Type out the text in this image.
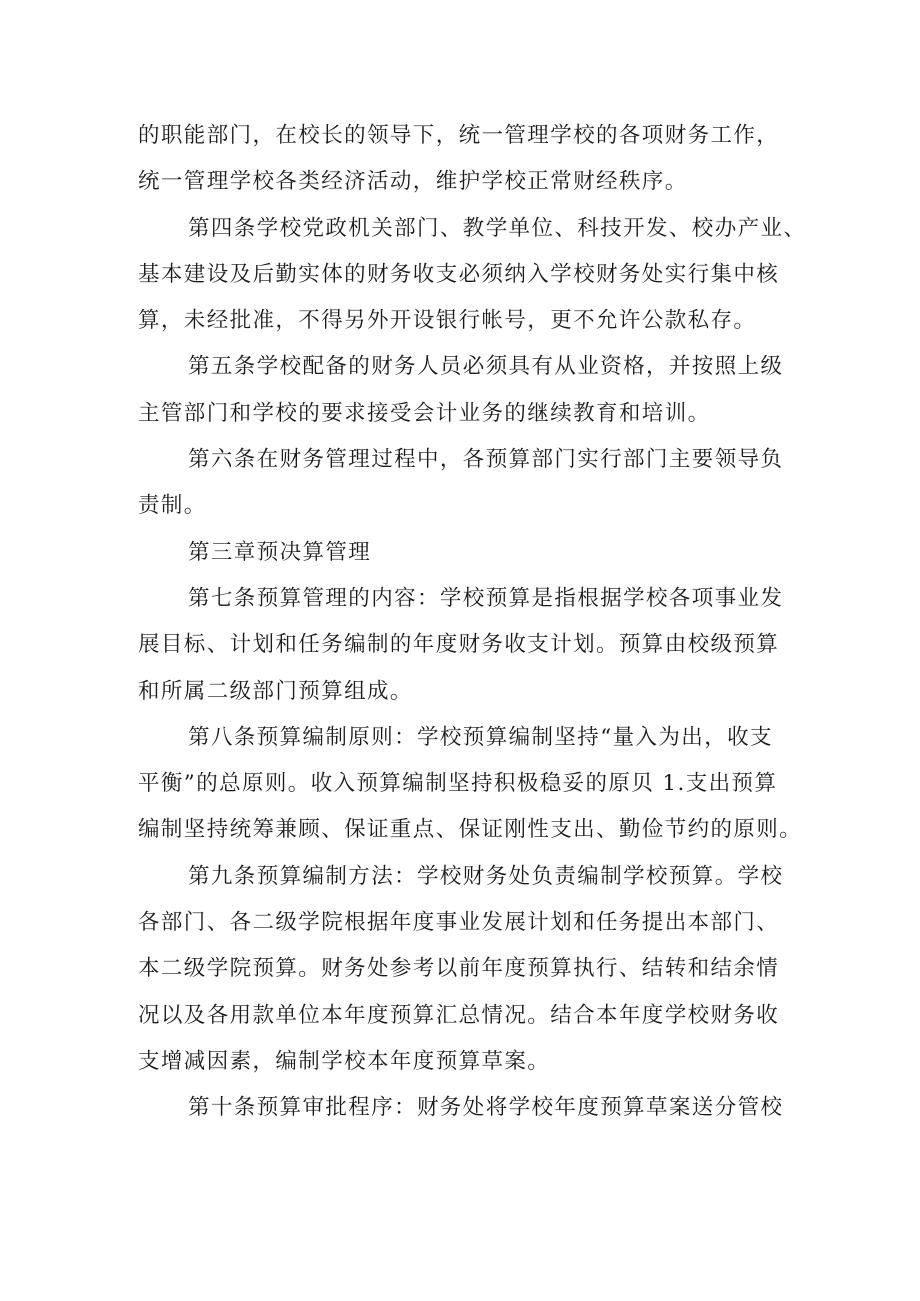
的职能部门，在校长的领导下，统一管理学校的各项财务工作，
统一管理学校各类经济活动，维护学校正常财经秩序。

第四条学校党政机关部门、教学单位、科技开发、校办产业、
基本建设及后勤实体的财务收支必须纳入学校财务处实行集中核
算，未经批准，不得另外开设银行帐号，更不允许公款私存。

第五条学校配备的财务人员必须具有从业资格，并按照上级
主管部门和学校的要求接受会计业务的继续教育和培训。

第六条在财务管理过程中，各预算部门实行部门主要领导负
责制。

第三章预决算管理

第七条预算管理的内容：学校预算是指根据学校各项事业发
展目标、计划和任务编制的年度财务收支计划。预算由校级预算
和所属二级部门预算组成。

第八条预算编制原则：学校预算编制坚持“量入为出，收支
平衡”的总原则。收入预算编制坚持积极稳妥的原贝 1.支出预算
编制坚持统筹兼顾、保证重点、保证刚性支出、勤俭节约的原则。

第九条预算编制方法：学校财务处负责编制学校预算。学校
各部门、各二级学院根据年度事业发展计划和任务提出本部门、
本二级学院预算。财务处参考以前年度预算执行、结转和结余情
况以及各用款单位本年度预算汇总情况。结合本年度学校财务收
支增减因素，编制学校本年度预算草案。

第十条预算审批程序：财务处将学校年度预算草案送分管校
